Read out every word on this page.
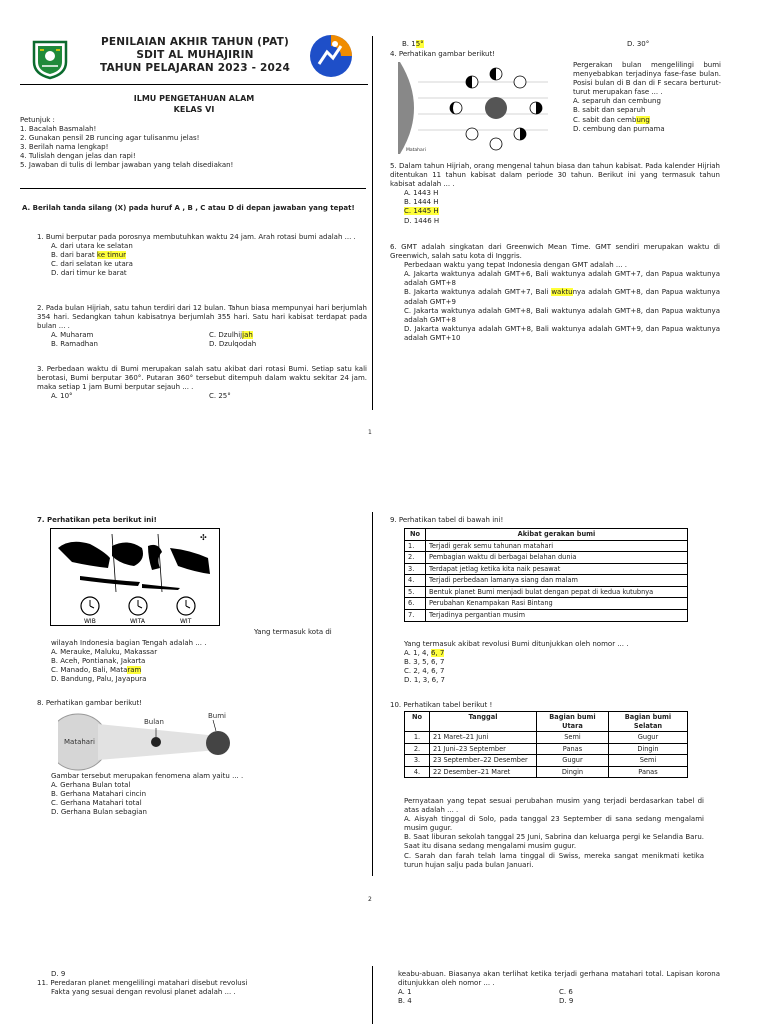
PENILAIAN AKHIR TAHUN (PAT)
SDIT AL MUHAJIRIN
TAHUN PELAJARAN 2023 - 2024
ILMU PENGETAHUAN ALAM
KELAS VI
Petunjuk :
1. Bacalah Basmalah!
2. Gunakan pensil 2B runcing agar tulisanmu jelas!
3. Berilah nama lengkap!
4. Tulislah dengan jelas dan rapi!
5. Jawaban di tulis di lembar jawaban yang telah disediakan!
A. Berilah tanda silang (X) pada huruf A , B , C atau D di depan jawaban yang tepat!
1. Bumi berputar pada porosnya membutuhkan waktu 24 jam. Arah rotasi bumi adalah ... .
A. dari utara ke selatan
B. dari barat ke timur
C. dari selatan ke utara
D. dari timur ke barat
2. Pada bulan Hijriah, satu tahun terdiri dari 12 bulan. Tahun biasa mempunyai hari berjumlah 354 hari. Sedangkan tahun kabisatnya berjumlah 355 hari. Satu hari kabisat terdapat pada bulan ... .
A. Muharam	C. Dzulhijjah
B. Ramadhan	D. Dzulqodah
3. Perbedaan waktu di Bumi merupakan salah satu akibat dari rotasi Bumi. Setiap satu kali berotasi, Bumi berputar 360°. Putaran 360° tersebut ditempuh dalam waktu sekitar 24 jam. maka setiap 1 jam Bumi berputar sejauh ... .
A. 10°	C. 25°
B. 15°	D. 30°
4. Perhatikan gambar berikut!
Matahari
Pergerakan bulan mengelilingi bumi menyebabkan terjadinya fase-fase bulan. Posisi bulan di B dan di F secara berturut-turut merupakan fase ... .
A. separuh dan cembung
B. sabit dan separuh
C. sabit dan cembung
D. cembung dan purnama
5. Dalam tahun Hijriah, orang mengenal tahun biasa dan tahun kabisat. Pada kalender Hijriah ditentukan 11 tahun kabisat dalam periode 30 tahun. Berikut ini yang termasuk tahun kabisat adalah ... .
A. 1443 H
B. 1444 H
C. 1445 H
D. 1446 H
6. GMT adalah singkatan dari Greenwich Mean Time. GMT sendiri merupakan waktu di Greenwich, salah satu kota di Inggris.
Perbedaan waktu yang tepat Indonesia dengan GMT adalah ... .
A. Jakarta waktunya adalah GMT+6, Bali waktunya adalah GMT+7, dan Papua waktunya adalah GMT+8
B. Jakarta waktunya adalah GMT+7, Bali waktunya adalah GMT+8, dan Papua waktunya adalah GMT+9
C. Jakarta waktunya adalah GMT+8, Bali waktunya adalah GMT+8, dan Papua waktunya adalah GMT+8
D. Jakarta waktunya adalah GMT+8, Bali waktunya adalah GMT+9, dan Papua waktunya adalah GMT+10
1
7. Perhatikan peta berikut ini!
✣
WIB	WITA	WIT
Yang termasuk kota di
wilayah Indonesia bagian Tengah adalah ... .
A. Merauke, Maluku, Makassar
B. Aceh, Pontianak, Jakarta
C. Manado, Bali, Mataram
D. Bandung, Palu, Jayapura
8. Perhatikan gambar berikut!
Matahari
Bulan
Bumi
Gambar tersebut merupakan fenomena alam yaitu ... .
A. Gerhana Bulan total
B. Gerhana Matahari cincin
C. Gerhana Matahari total
D. Gerhana Bulan sebagian
9. Perhatikan tabel di bawah ini!
No	Akibat gerakan bumi
1.	Terjadi gerak semu tahunan matahari
2.	Pembagian waktu di berbagai belahan dunia
3.	Terdapat jetlag ketika kita naik pesawat
4.	Terjadi perbedaan lamanya siang dan malam
5.	Bentuk planet Bumi menjadi bulat dengan pepat di kedua kutubnya
6.	Perubahan Kenampakan Rasi Bintang
7.	Terjadinya pergantian musim
Yang termasuk akibat revolusi Bumi ditunjukkan oleh nomor ... .
A. 1, 4, 6, 7
B. 3, 5, 6, 7
C. 2, 4, 6, 7
D. 1, 3, 6, 7
10. Perhatikan tabel berikut !
No	Tanggal	Bagian bumi Utara	Bagian bumi Selatan
1.	21 Maret–21 Juni	Semi	Gugur
2.	21 Juni–23 September	Panas	Dingin
3.	23 September–22 Desember	Gugur	Semi
4.	22 Desember–21 Maret	Dingin	Panas
Pernyataan yang tepat sesuai perubahan musim yang terjadi berdasarkan tabel di atas adalah ... .
A. Aisyah tinggal di Solo, pada tanggal 23 September di sana sedang mengalami musim gugur.
B. Saat liburan sekolah tanggal 25 Juni, Sabrina dan keluarga pergi ke Selandia Baru. Saat itu disana sedang mengalami musim gugur.
C. Sarah dan farah telah lama tinggal di Swiss, mereka sangat menikmati ketika turun hujan salju pada bulan Januari.
2
D. 9
11. Peredaran planet mengelilingi matahari disebut revolusi
Fakta yang sesuai dengan revolusi planet adalah ... .
keabu-abuan. Biasanya akan terlihat ketika terjadi gerhana matahari total. Lapisan korona ditunjukkan oleh nomor ... .
A. 1	C. 6
B. 4	D. 9
